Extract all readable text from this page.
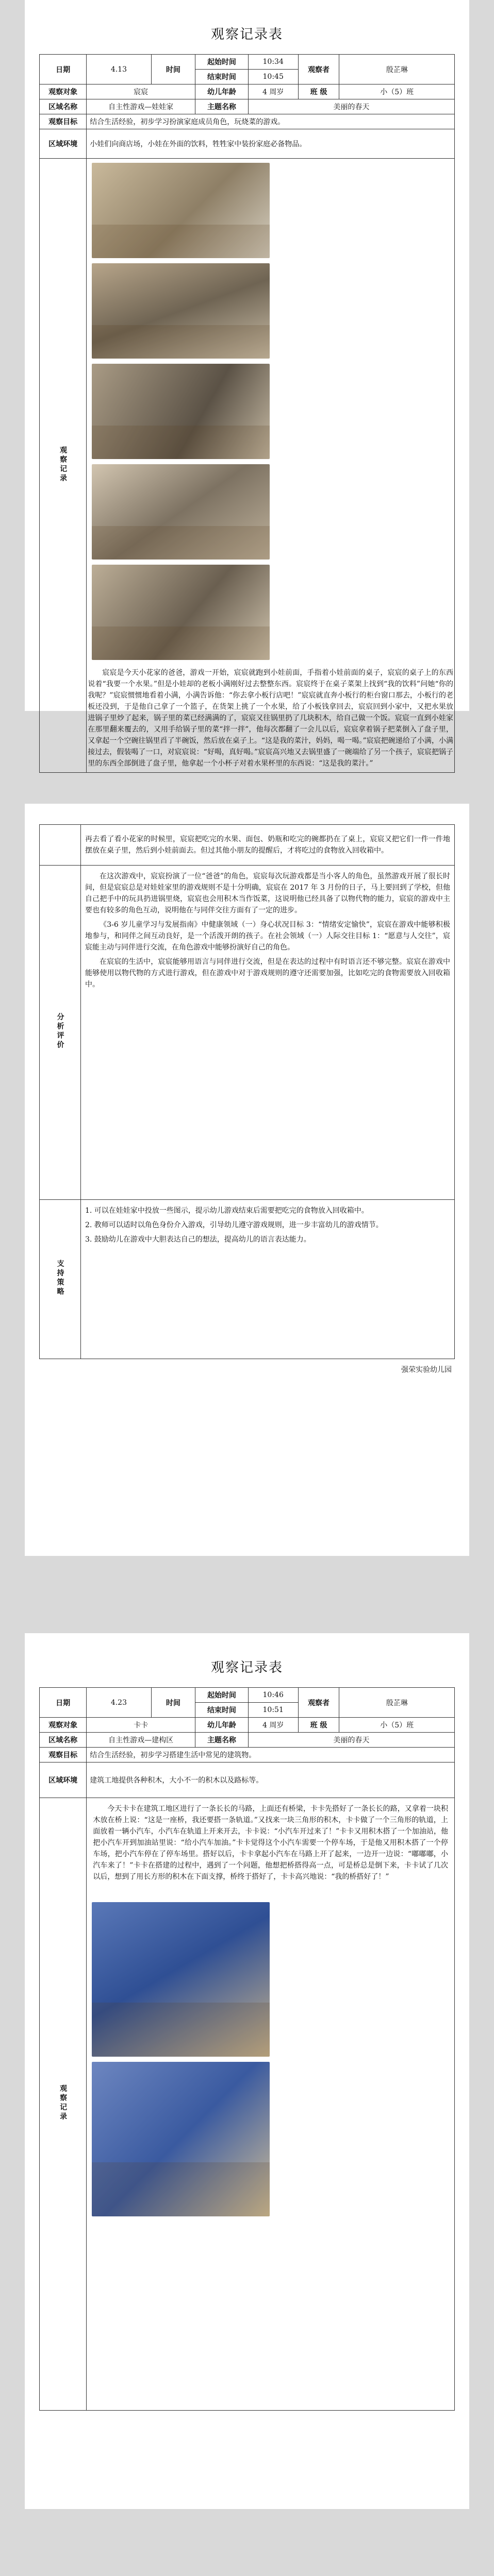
观察记录表
日期	4.13	时间	起始时间	10:34	观察者	殷芷琳
			结束时间	10:45		
观察对象	宸宸		幼儿年龄	4 周岁	班 级	小（5）班
区域名称	自主性游戏—娃娃家		主题名称	美丽的春天		
观察目标	结合生活经验，初步学习扮演家庭成员角色，玩烧菜的游戏。					
区域环境	小娃们向商店场，小娃在外面的饮料，牲牲家中装扮家庭必备物品。					
观察记录	宸宸是今天小花家的爸爸，游戏一开始，宸宸就跑到小娃前面，手指着小娃前面的桌子，宸宸的桌子上的东西说着“我要一个水果。”但是小娃却的老板小满刚好过去整整东西。宸宸终于在桌子菜架上找到“我的饮料”问她“你的我呢？”宸宸惯惯地看着小满，小满告诉他：“你去拿小板行店吧！”宸宸就直奔小板行的柜台窗口那去，小板行的老板还没到，于是他自己拿了一个篮子，在货架上挑了一个水果，给了小板钱拿回去，宸宸回到小家中，又把水果放进锅子里炒了起来，锅子里的菜已经满满的了，宸宸又往锅里扔了几块积木，给自己做一个饭。宸宸一直到小娃家在那里翻来覆去的，又用手给锅子里的菜“拌一拌”，他每次都翻了一会儿以后，宸宸拿着锅子把菜倒入了盘子里，又拿起一个空碗往锅里舀了半碗饭，然后放在桌子上。“这是我的菜汁，妈妈，喝一喝。”宸宸把碗递给了小满，小满接过去，假装喝了一口，对宸宸说：“好喝，真好喝。”宸宸高兴地又去锅里盛了一碗端给了另一个孩子，宸宸把锅子里的东西全部倒进了盘子里，他拿起一个小杯子对着水果杯里的东西说：“这是我的菜汁。”					

	再去看了看小花家的时候里，宸宸把吃完的水果、面包、奶瓶和吃完的碗都扔在了桌上，宸宸又把它们一件一件地摆放在桌子里，然后到小娃前面去。但过其他小朋友的提醒后，才将吃过的食物放入回收箱中。

分析评价	在这次游戏中，宸宸扮演了一位“爸爸”的角色，宸宸每次玩游戏都是当小客人的角色，虽然游戏开展了很长时间，但是宸宸总是对娃娃家里的游戏规则不是十分明确，宸宸在 2017 年 3 月份的日子，马上要回到了学校，但他自己把手中的玩具扔进锅里烧，宸宸也会用积木当作饭菜，这说明他已经具备了以物代物的能力，宸宸的游戏中主要也有较多的角色互动，说明他在与同伴交往方面有了一定的进步。

《3-6 岁儿童学习与发展指南》中健康领域（一）身心状况目标 3：“情绪安定愉快”，宸宸在游戏中能够积极地参与，和同伴之间互动良好，是一个活泼开朗的孩子。在社会领域（一）人际交往目标 1：“愿意与人交往”，宸宸能主动与同伴进行交流，在角色游戏中能够扮演好自己的角色。

在宸宸的生活中，宸宸能够用语言与同伴进行交流，但是在表达的过程中有时语言还不够完整。宸宸在游戏中能够使用以物代物的方式进行游戏，但在游戏中对于游戏规则的遵守还需要加强，比如吃完的食物需要放入回收箱中。

支持策略	1. 可以在娃娃家中投放一些图示，提示幼儿游戏结束后需要把吃完的食物放入回收箱中。

2. 教师可以适时以角色身份介入游戏，引导幼儿遵守游戏规则，进一步丰富幼儿的游戏情节。

3. 鼓励幼儿在游戏中大胆表达自己的想法，提高幼儿的语言表达能力。

强荣实验幼儿园
观察记录表
日期	4.23	时间	起始时间	10:46	观察者	殷芷琳
			结束时间	10:51		
观察对象	卡卡		幼儿年龄	4 周岁	班 级	小（5）班
区域名称	自主性游戏—建构区		主题名称	美丽的春天		
观察目标	结合生活经验，初步学习搭建生活中常见的建筑物。					
区域环境	建筑工地提供各种积木，大小不一的积木以及路标等。					
观察记录	今天卡卡在建筑工地区进行了一条长长的马路，上面还有桥梁，卡卡先搭好了一条长长的路，又拿着一块积木放在桥上说：“这是一座桥，我还要搭一条轨道。”又找来一块三角形的积木，卡卡做了一个三角形的轨道，上面放着一辆小汽车，小汽车在轨道上开来开去，卡卡说：“小汽车开过来了！”卡卡又用积木搭了一个加油站，他把小汽车开到加油站里说：“给小汽车加油。”卡卡觉得这个小汽车需要一个停车场，于是他又用积木搭了一个停车场，把小汽车停在了停车场里。搭好以后，卡卡拿起小汽车在马路上开了起来，一边开一边说：“嘟嘟嘟，小汽车来了！”卡卡在搭建的过程中，遇到了一个问题，他想把桥搭得高一点，可是桥总是倒下来，卡卡试了几次以后，想到了用长方形的积木在下面支撑，桥终于搭好了，卡卡高兴地说：“我的桥搭好了！”					
